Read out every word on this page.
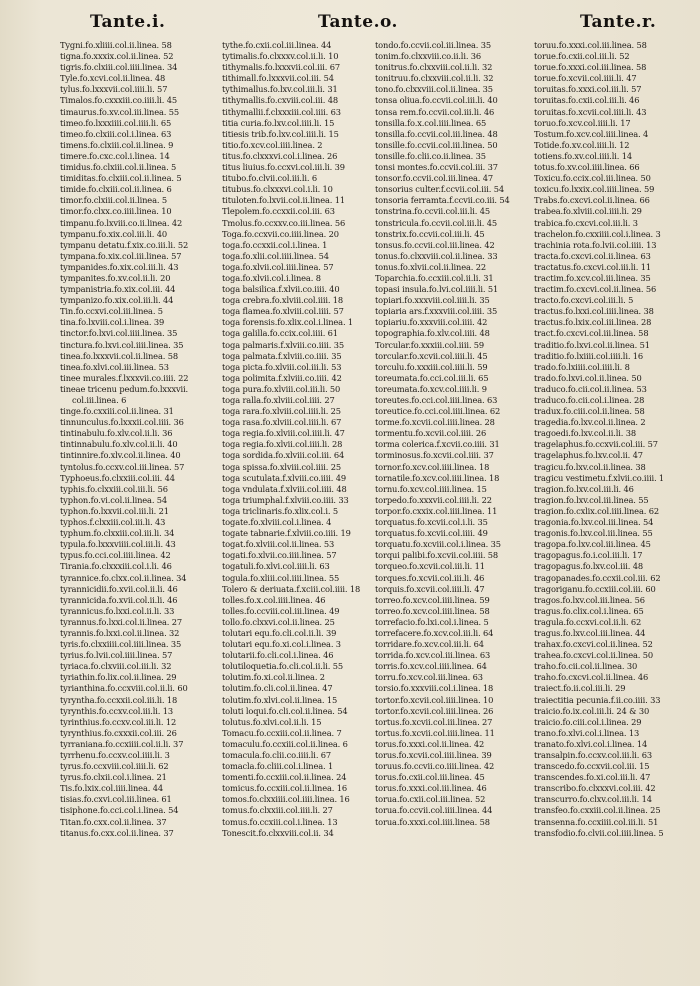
Tante.i.	Tante.o.	Tante.r.
Tygni.fo.xliiii.col.ii.linea. 58
tigna.fo.xxxix.col.ii.linea. 52
tigris.fo.clxiii.col.iiii.linea. 34
Tyle.fo.xcvi.col.ii.linea. 48
tylus.fo.lxxxvii.col.iiii.li. 57
Timalos.fo.cxxxiii.co.iiii.li. 45
timaurus.fo.xv.col.iii.linea. 55
timeo.fo.lxxxiiii.col.iiii.li. 65
timeo.fo.clxiii.col.i.linea. 63
timens.fo.clxiii.col.ii.linea. 9
timere.fo.cxc.col.i.linea. 14
timidus.fo.clxiii.col.ii.linea. 5
timiditas.fo.clxiii.col.ii.linea. 5
timide.fo.clxiii.col.ii.linea. 6
timor.fo.clxiii.col.ii.linea. 5
timor.fo.clxx.co.iiii.linea. 10
timpanu.fo.lxviii.co.ii.linea. 42
tympanu.fo.xix.col.iii.li. 40
tympanu detatu.f.xix.co.iii.li. 52
tympana.fo.xix.col.iii.linea. 57
tympanides.fo.xix.col.iii.li. 43
tympanites.fo.xv.col.ii.li. 20
tympanistria.fo.xix.col.iii. 44
tympanizo.fo.xix.col.iii.li. 44
Tin.fo.ccxvi.col.iii.linea. 5
tina.fo.lxviii.col.i.linea. 39
tinctor.fo.lxvi.col.iiii.linea. 35
tinctura.fo.lxvi.col.iiii.linea. 35
tinea.fo.lxxxvii.col.ii.linea. 58
tinea.fo.xlvi.col.iii.linea. 53
tinee murales.f.lxxxvii.co.iiii. 22
tineae tricenu pedum.fo.lxxxvii.
col.iii.linea. 6
tinge.fo.cxxiii.col.ii.linea. 31
tinnunculus.fo.lxxxii.col.iiii. 36
tintinabulu.fo.xlv.col.ii.li. 36
tintinnabulu.fo.xlv.col.ii.li. 40
tintinnire.fo.xlv.col.ii.linea. 40
tyntolus.fo.ccxv.col.iii.linea. 57
Typhoeus.fo.clxxiii.col.iii. 44
typhis.fo.clxxiii.col.iii.li. 56
typhon.fo.vi.col.ii.linea. 54
typhon.fo.lxxvii.col.iii.li. 21
typhos.f.clxxiii.col.iii.li. 43
typhum.fo.clxxiii.col.iii.li. 34
typula.fo.lxxxviiii.col.iii.li. 43
typus.fo.cci.col.iiii.linea. 42
Tirania.fo.clxxxiii.col.i.li. 46
tyrannice.fo.clxx.col.ii.linea. 34
tyrannicidii.fo.xvii.col.ii.li. 46
tyrannicida.fo.xvii.col.ii.li. 46
tyrannicus.fo.lxxi.col.ii.li. 33
tyrannus.fo.lxxi.col.ii.linea. 27
tyrannis.fo.lxxi.col.ii.linea. 32
tyris.fo.clxxiiii.col.iiii.linea. 35
tyrius.fo.lvii.col.iiii.linea. 57
tyriaca.fo.clxviii.col.iii.li. 32
tyriathin.fo.lix.col.ii.linea. 29
tyrianthina.fo.ccxviii.col.ii.li. 60
tyryntha.fo.ccxxii.col.iii.li. 18
tyrynthis.fo.ccxv.col.iii.li. 13
tyrinthius.fo.ccxv.col.iii.li. 12
tyrynthius.fo.cxxxii.col.iii. 26
tyrraniana.fo.ccxiiii.col.ii.li. 37
tyrrhenu.fo.ccxv.col.iiii.li. 3
tyrus.fo.ccxviii.col.iiii.li. 62
tyrus.fo.clxii.col.i.linea. 21
Tis.fo.lxix.col.iiii.linea. 44
tisias.fo.cxvi.col.iii.linea. 61
tisiphone.fo.cci.col.i.linea. 54
Titan.fo.cxx.col.ii.linea. 37
titanus.fo.cxx.col.ii.linea. 37
tythe.fo.cxii.col.iii.linea. 44
tytimalis.fo.clxxxv.col.ii.li. 10
tithymalis.fo.lxxxvii.col.iii. 67
tithimall.fo.lxxxvii.col.iii. 54
tythimallus.fo.lxv.col.iii.li. 31
tithymallis.fo.cxviii.col.iii. 48
tithymallii.f.clxxxiii.col.iiii. 63
titia curia.fo.lxv.col.iiii.li. 15
titiesis trib.fo.lxv.col.iiii.li. 15
titio.fo.xcv.col.iiii.linea. 2
titus.fo.clxxxvi.col.i.linea. 26
titus liuius.fo.ccxvi.col.iii.li. 39
titubo.fo.clvii.col.iii.li. 6
titubus.fo.clxxxvi.col.i.li. 10
tituloten.fo.lxvii.col.ii.linea. 11
Tlepolem.fo.ccxxii.col.iii. 63
Tmolus.fo.ccxxv.co.iii.linea. 56
Toga.fo.ccxvii.co.iiii.linea. 20
toga.fo.ccxxii.col.i.linea. 1
toga.fo.xlii.col.iiii.linea. 54
toga.fo.xlvii.col.iiii.linea. 57
toga.fo.xlvii.col.i.linea. 8
toga balsilica.f.xlvii.co.iiii. 40
toga crebra.fo.xlviii.col.iiii. 18
toga flamea.fo.xlviii.col.iiii. 57
toga forensis.fo.xlix.col.i.linea. 1
toga galilla.fo.ccix.col.iiii. 61
toga palmaris.f.xlviii.co.iiii. 35
toga palmata.f.xlviii.co.iiii. 35
toga picta.fo.xlviii.col.iii.li. 53
toga polimita.f.xlviii.co.iiii. 42
toga pura.fo.xlviii.col.iii.li. 50
toga ralla.fo.xlviii.col.iiii. 27
toga rara.fo.xlviii.col.iiii.li. 25
toga rasa.fo.xlviii.col.iiii.li. 67
toga regia.fo.xlviii.col.iiii.li. 47
toga regia.fo.xlvii.col.iiii.li. 28
toga sordida.fo.xlviii.col.iii. 64
toga spissa.fo.xlviii.col.iiii. 25
toga scutulata.f.xlviii.co.iiii. 49
toga vndulata.f.xlviii.col.iiii. 48
toga triumphal.f.xlviii.co.iiii. 33
toga triclinaris.fo.xlix.col.i. 5
togate.fo.xlviii.col.i.linea. 4
togate tabnarie.f.xlviii.co.iiii. 19
togat.fo.xlviii.col.ii.linea. 53
togati.fo.xlvii.co.iiii.linea. 57
togatuli.fo.xlvi.col.iiii.li. 63
togula.fo.xliii.col.iiii.linea. 55
Tolero & deriuata.f.xciii.col.iiii. 18
tolles.fo.x.col.iiii.linea. 46
tolles.fo.ccviii.col.iii.linea. 49
tollo.fo.clxxvi.col.ii.linea. 25
tolutari equ.fo.cli.col.ii.li. 39
tolutari equ.fo.xi.col.i.linea. 3
tolutarii.fo.cli.col.i.linea. 46
tolutiloquetia.fo.cli.col.ii.li. 55
tolutim.fo.xi.col.ii.linea. 2
tolutim.fo.cli.col.ii.linea. 47
tolutim.fo.xlvi.col.ii.linea. 15
toluti loqui.fo.cli.col.ii.linea. 54
tolutus.fo.xlvi.col.ii.li. 15
Tomacu.fo.ccxiii.col.ii.linea. 7
tomaculu.fo.ccxiii.col.ii.linea. 6
tomacula.fo.clii.co.iiii.li. 67
tomacla.fo.cliii.col.i.linea. 1
tomenti.fo.ccxiii.col.ii.linea. 24
tomicus.fo.ccxiii.col.ii.linea. 16
tomos.fo.clxxiiii.col.iiii.linea. 16
tomus.fo.clxxiii.col.iiii.li. 27
tomus.fo.ccxiii.col.i.linea. 13
Tonescit.fo.clxxviii.col.ii. 34
tondo.fo.ccvii.col.iii.linea. 35
tonim.fo.clxxviii.co.ii.li. 36
tonitrus.fo.clxxviii.col.ii.li. 32
tonitruu.fo.clxxviii.col.ii.li. 32
tono.fo.clxxviii.col.ii.linea. 35
tonsa oliua.fo.ccvii.col.iii.li. 40
tonsa rem.fo.ccvii.col.iii.li. 46
tonsilla.fo.x.col.iiii.linea. 65
tonsilla.fo.ccvii.col.iii.linea. 48
tonsille.fo.ccvii.col.iii.linea. 50
tonsille.fo.clii.co.ii.linea. 35
tonsi montes.fo.ccvii.col.iii. 37
tonsor.fo.ccvii.col.iii.linea. 47
tonsorius culter.f.ccvii.col.iii. 54
tonsoria ferramta.f.ccvii.co.iii. 54
tonstrina.fo.ccvii.col.iii.li. 45
tonstricula.fo.ccvii.col.iii.li. 45
tonstrix.fo.ccvii.col.iii.li. 45
tonsus.fo.ccvii.col.iii.linea. 42
tonus.fo.clxxviii.col.ii.linea. 33
tonus.fo.xlvii.col.ii.linea. 22
Toparchia.fo.ccxiii.col.ii.li. 31
topasi insula.fo.lvi.col.iiii.li. 51
topiari.fo.xxxviii.col.iiii.li. 35
topiaria ars.f.xxxviii.col.iiii. 35
topiariu.fo.xxxviii.col.iiii. 42
topographia.fo.xlv.col.iiii. 48
Torcular.fo.xxxiii.col.iiii. 59
torcular.fo.xcvii.col.iiii.li. 45
torculu.fo.xxxiii.col.iiii.li. 59
toreumata.fo.cci.col.iii.li. 65
toreumata.fo.xcv.col.iiii.li. 9
toreutes.fo.cci.col.iiii.linea. 63
toreutice.fo.cci.col.iiii.linea. 62
torme.fo.xcvii.col.iiii.linea. 28
tormentu.fo.xcvii.col.iiii. 26
torma colerica.f.xcvii.co.iiii. 31
torminosus.fo.xcvii.col.iiii. 37
tornor.fo.xcv.col.iiii.linea. 18
tornatile.fo.xcv.col.iiii.linea. 18
tornu.fo.xcv.col.iiii.linea. 15
torpedo.fo.xxxvii.col.iiii.li. 22
torpor.fo.cxxix.col.iiii.linea. 11
torquatus.fo.xcvii.col.i.li. 35
torquatus.fo.xcvii.col.iiii. 49
torquatu.fo.xcviii.col.i.linea. 35
torqui palibi.fo.xcvii.col.iiii. 58
torqueo.fo.xcvii.col.iii.li. 11
torques.fo.xcvii.col.iii.li. 46
torquis.fo.xcvii.col.iiii.li. 47
torreo.fo.xcv.col.iiii.linea. 59
torreo.fo.xcv.col.iiii.linea. 58
torrefacio.fo.lxi.col.i.linea. 5
torrefacere.fo.xcv.col.iii.li. 64
torridare.fo.xcv.col.iii.li. 64
torrida.fo.xcv.col.iii.linea. 63
torris.fo.xcv.col.iiii.linea. 64
torru.fo.xcv.col.iii.linea. 63
torsio.fo.xxxviii.col.i.linea. 18
tortor.fo.xcvii.col.iiii.linea. 10
tortor.fo.xcvii.col.iiii.linea. 26
tortus.fo.xcvii.col.iii.linea. 27
tortus.fo.xcvii.col.iiii.linea. 11
torus.fo.xxxi.col.ii.linea. 42
torus.fo.xcvii.col.iiii.linea. 39
toruus.fo.ccvii.co.iiii.linea. 42
torus.fo.cxii.col.iii.linea. 45
torus.fo.xxxi.col.iii.linea. 46
torua.fo.cxii.col.iii.linea. 52
torua.fo.ccvii.col.iiii.linea. 44
torua.fo.xxxi.col.iiii.linea. 58
toruu.fo.xxxi.col.iii.linea. 58
torue.fo.cxii.col.iii.li. 52
torue.fo.xxxi.col.iii.linea. 58
torue.fo.xcvii.col.iiii.li. 47
toruitas.fo.xxxi.col.iii.li. 57
toruitas.fo.cxii.col.iii.li. 46
toruitas.fo.xcvii.col.iiii.li. 43
toruo.fo.xcv.col.iiii.li. 17
Tostum.fo.xcv.col.iiii.linea. 4
Totide.fo.xv.col.iiii.li. 12
totiens.fo.xv.col.iiii.li. 14
totus.fo.xv.col.iiii.linea. 66
Toxicu.fo.ccix.col.iii.linea. 50
toxicu.fo.lxxix.col.iiii.linea. 59
Trabs.fo.cxcvi.col.ii.linea. 66
trabea.fo.xlviii.col.iiii.li. 29
trabica.fo.cxcvi.col.iii.li. 3
trachelon.fo.cxxiiii.col.i.linea. 3
trachinia rota.fo.lvii.col.iiii. 13
tracta.fo.cxcvi.col.ii.linea. 63
tractatus.fo.cxcvi.col.iii.li. 11
tractim.fo.xcv.col.iii.linea. 35
tractim.fo.cxcvi.col.ii.linea. 56
tracto.fo.cxcvi.col.iii.li. 5
tractus.fo.lxxi.col.iiii.linea. 38
tractus.fo.lxix.col.iii.linea. 28
tract.fo.cxcvi.col.iii.linea. 58
traditio.fo.lxvi.col.ii.linea. 51
traditio.fo.lxiiii.col.iiii.li. 16
trado.fo.lxiiii.col.iiii.li. 8
trado.fo.lxvi.col.ii.linea. 50
traduco.fo.cii.col.ii.linea. 53
traduco.fo.cii.col.i.linea. 28
tradux.fo.ciii.col.ii.linea. 58
tragedia.fo.lxv.col.ii.linea. 2
tragoedi.fo.lxv.col.ii.li. 38
tragelaphus.fo.ccxvii.col.iii. 57
tragelaphus.fo.lxv.col.ii. 47
tragicu.fo.lxv.col.ii.linea. 38
tragicu vestimetu.f.xlvii.co.iiii. 1
tragion.fo.lxv.col.iii.li. 46
tragion.fo.lxv.col.iii.linea. 55
tragion.fo.cxlix.col.iiii.linea. 62
tragonia.fo.lxv.col.iii.linea. 54
tragonis.fo.lxv.col.iii.linea. 55
tragopa.fo.lxv.col.iii.linea. 45
tragopagus.fo.i.col.iii.li. 17
tragopagus.fo.lxv.col.iii. 48
tragopanades.fo.ccxii.col.iii. 62
tragoriganu.fo.ccxiii.col.iii. 60
tragos.fo.lxv.col.iii.linea. 56
tragus.fo.clix.col.i.linea. 65
tragula.fo.ccxvi.col.ii.li. 62
tragus.fo.lxv.col.iii.linea. 44
trahax.fo.cxcvi.col.ii.linea. 52
trahea.fo.cxcvi.col.ii.linea. 50
traho.fo.cii.col.ii.linea. 30
traho.fo.cxcvi.col.ii.linea. 46
traiect.fo.ii.col.iii.li. 29
traiectitia pecunia.f.ii.co.iiii. 33
traicio.fo.ix.col.iii.li. 24 & 30
traicio.fo.ciii.col.i.linea. 29
trano.fo.xlvi.col.i.linea. 13
tranato.fo.xlvi.col.i.linea. 14
transalpin.fo.ccxv.col.iii.li. 63
transcedo.fo.ccxvii.col.iii. 15
transcendes.fo.xi.col.iii.li. 47
transcribo.fo.clxxxvi.col.iii. 42
transcurro.fo.clxv.col.iii.li. 14
transfeo.fo.cxxiii.col.ii.linea. 25
transenna.fo.ccxiiii.col.iii.li. 51
transfodio.fo.clvii.col.iiii.linea. 5
